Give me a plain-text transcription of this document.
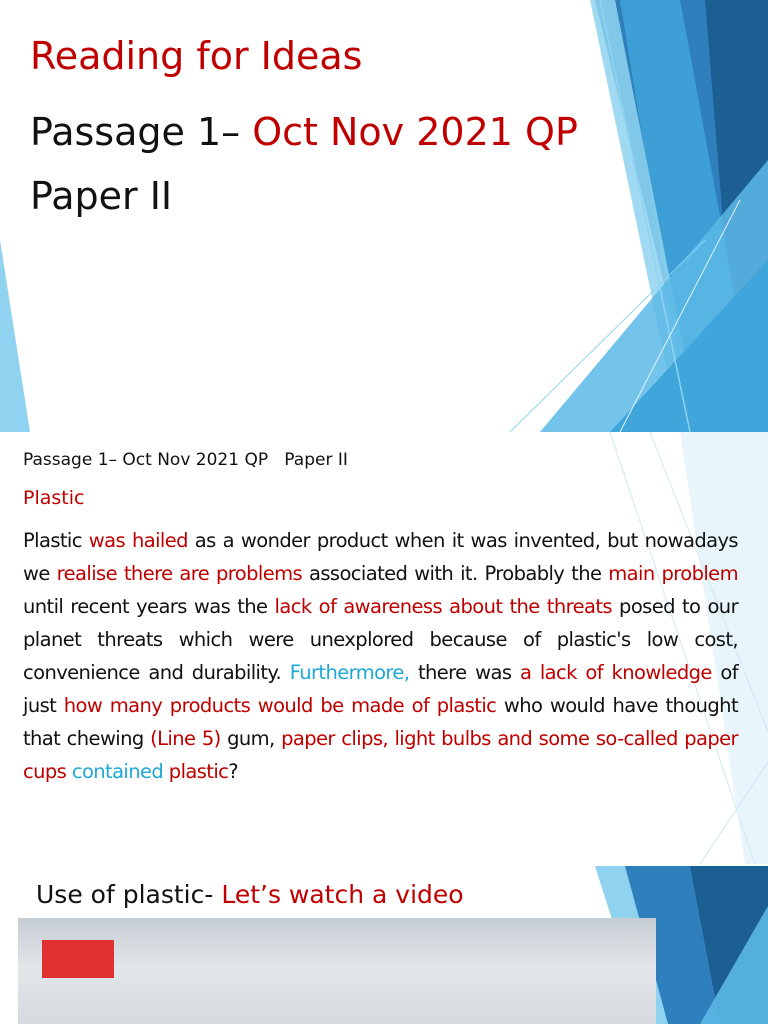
Reading for Ideas
Passage 1– Oct Nov 2021 QP
Paper II

Passage 1– Oct Nov 2021 QP   Paper II

Plastic

Plastic was hailed as a wonder product when it was invented, but nowadays we realise there are problems associated with it. Probably the main problem until recent years was the lack of awareness about the threats posed to our planet threats which were unexplored because of plastic's low cost, convenience and durability. Furthermore, there was a lack of knowledge of just how many products would be made of plastic who would have thought that chewing (Line 5) gum, paper clips, light bulbs and some so-called paper cups contained plastic?

Use of plastic- Let’s watch a video
